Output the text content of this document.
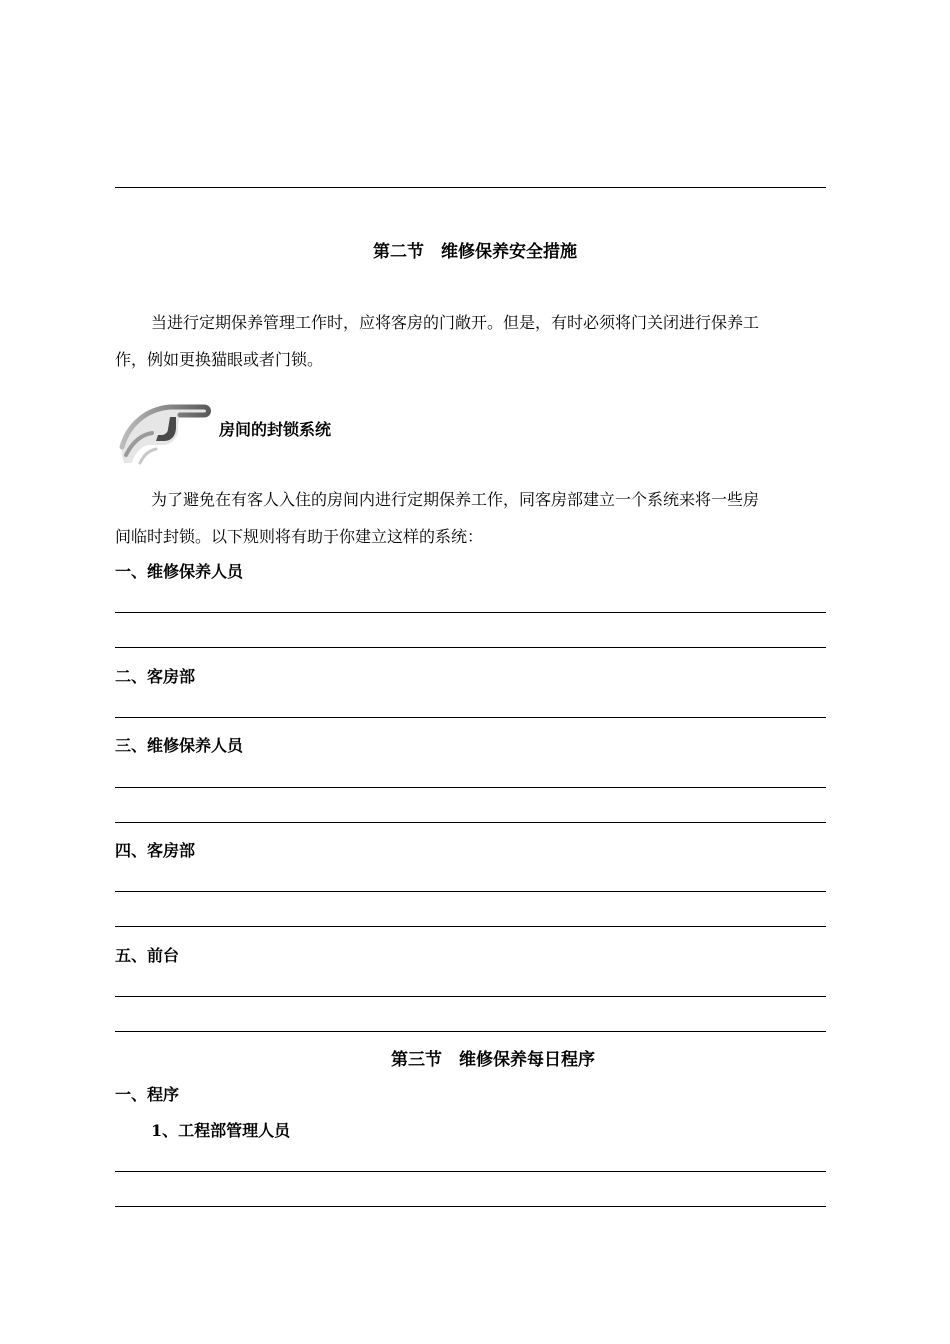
第二节　维修保养安全措施
当进行定期保养管理工作时，应将客房的门敞开。但是，有时必须将门关闭进行保养工
作，例如更换猫眼或者门锁。
房间的封锁系统
为了避免在有客人入住的房间内进行定期保养工作，同客房部建立一个系统来将一些房
间临时封锁。以下规则将有助于你建立这样的系统：
一、维修保养人员
二、客房部
三、维修保养人员
四、客房部
五、前台
第三节　维修保养每日程序
一、程序
1、工程部管理人员
